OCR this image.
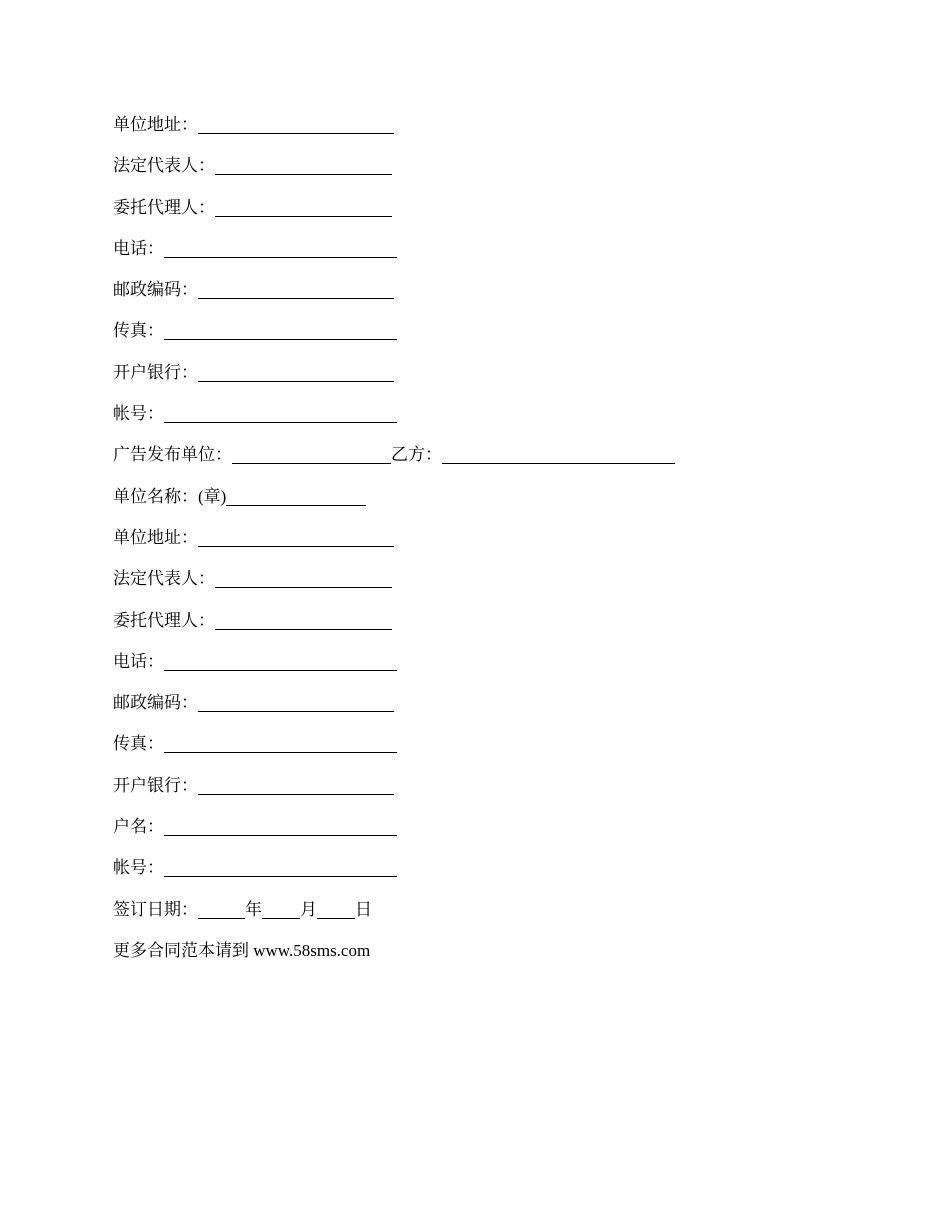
单位地址：
法定代表人：
委托代理人：
电话：
邮政编码：
传真：
开户银行：
帐号：
广告发布单位：	乙方：
单位名称：(章)
单位地址：
法定代表人：
委托代理人：
电话：
邮政编码：
传真：
开户银行：
户名：
帐号：
签订日期：	年 月 日
更多合同范本请到 www.58sms.com
